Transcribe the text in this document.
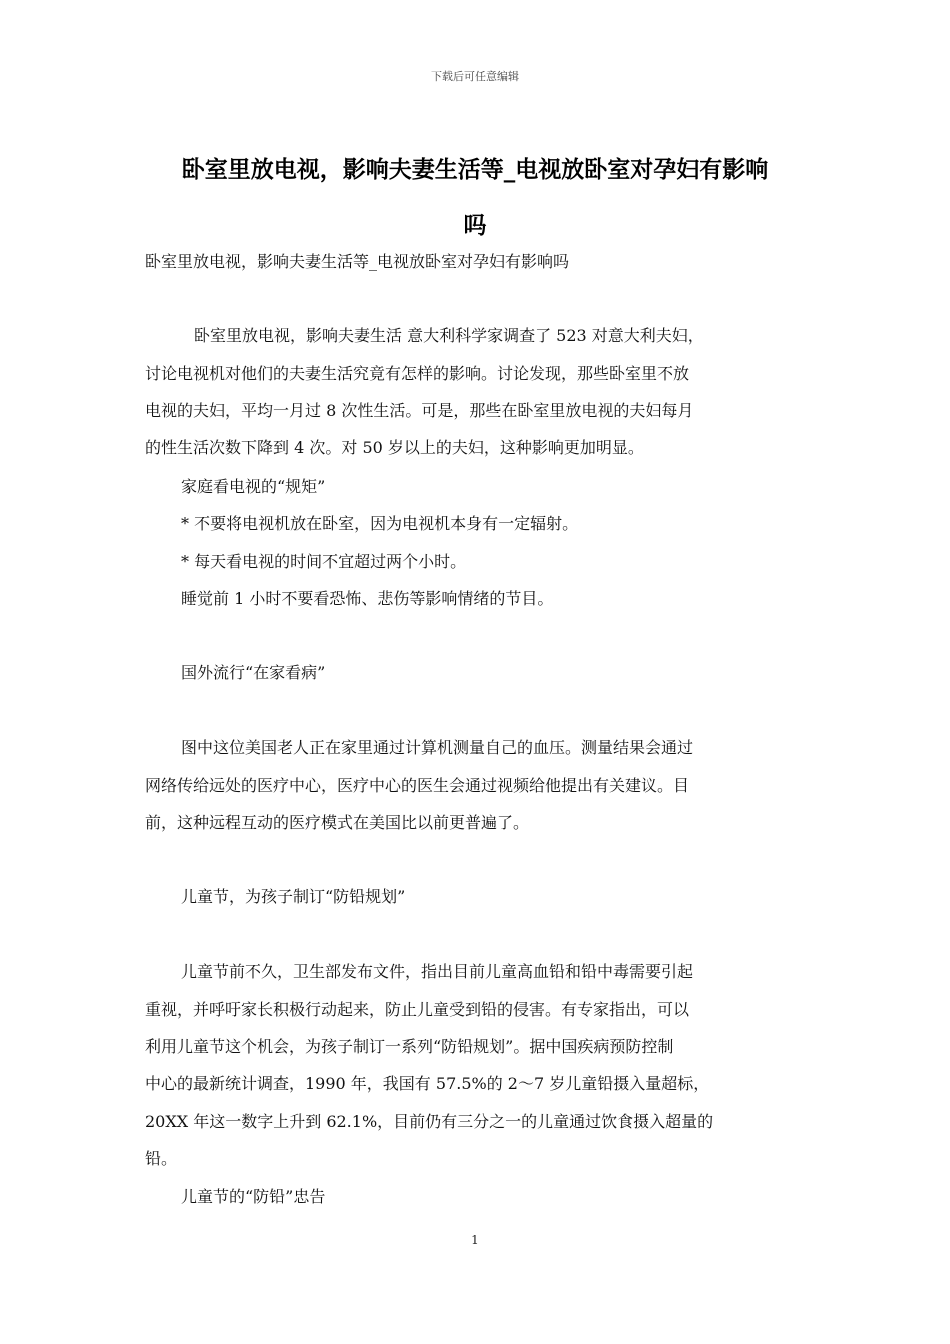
下载后可任意编辑
卧室里放电视，影响夫妻生活等_电视放卧室对孕妇有影响
吗
卧室里放电视，影响夫妻生活等_电视放卧室对孕妇有影响吗
卧室里放电视，影响夫妻生活 意大利科学家调查了 523 对意大利夫妇，
讨论电视机对他们的夫妻生活究竟有怎样的影响。讨论发现，那些卧室里不放
电视的夫妇，平均一月过 8 次性生活。可是，那些在卧室里放电视的夫妇每月
的性生活次数下降到 4 次。对 50 岁以上的夫妇，这种影响更加明显。
家庭看电视的“规矩”
* 不要将电视机放在卧室，因为电视机本身有一定辐射。
* 每天看电视的时间不宜超过两个小时。
睡觉前 1 小时不要看恐怖、悲伤等影响情绪的节目。
国外流行“在家看病”
图中这位美国老人正在家里通过计算机测量自己的血压。测量结果会通过
网络传给远处的医疗中心，医疗中心的医生会通过视频给他提出有关建议。目
前，这种远程互动的医疗模式在美国比以前更普遍了。
儿童节，为孩子制订“防铅规划”
儿童节前不久，卫生部发布文件，指出目前儿童高血铅和铅中毒需要引起
重视，并呼吁家长积极行动起来，防止儿童受到铅的侵害。有专家指出，可以
利用儿童节这个机会，为孩子制订一系列“防铅规划”。据中国疾病预防控制
中心的最新统计调查，1990 年，我国有 57.5%的 2～7 岁儿童铅摄入量超标，
20XX 年这一数字上升到 62.1%，目前仍有三分之一的儿童通过饮食摄入超量的
铅。
儿童节的“防铅”忠告
1
